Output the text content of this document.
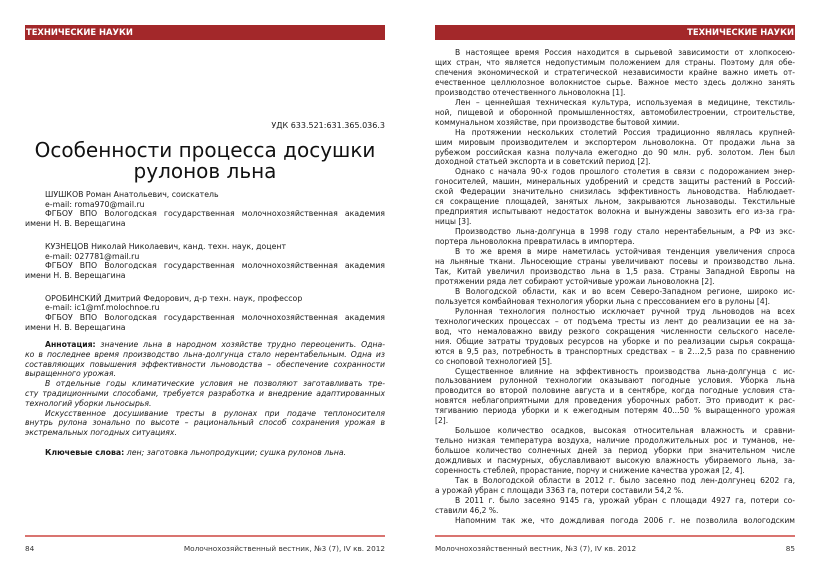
ТЕХНИЧЕСКИЕ НАУКИ
УДК 633.521:631.365.036.3
Особенности процесса досушки
рулонов льна
ШУШКОВ Роман Анатольевич, соискатель
e-mail: roma970@mail.ru
ФГБОУ ВПО Вологодская государственная молочнохозяйственная академия
имени Н. В. Верещагина
КУЗНЕЦОВ Николай Николаевич, канд. техн. наук, доцент
e-mail: 027781@mail.ru
ФГБОУ ВПО Вологодская государственная молочнохозяйственная академия
имени Н. В. Верещагина
ОРОБИНСКИЙ Дмитрий Федорович, д-р техн. наук, профессор
e-mail: ic1@mf.molochnoe.ru
ФГБОУ ВПО Вологодская государственная молочнохозяйственная академия
имени Н. В. Верещагина
Аннотация: значение льна в народном хозяйстве трудно переоценить. Одна-
ко в последнее время производство льна-долгунца стало нерентабельным. Одна из
составляющих повышения эффективности льноводства – обеспечение сохранности
выращенного урожая.
В отдельные годы климатические условия не позволяют заготавливать тре-
сту традиционными способами, требуется разработка и внедрение адаптированных
технологий уборки льносырья.
Искусственное досушивание тресты в рулонах при подаче теплоносителя
внутрь рулона зонально по высоте – рациональный способ сохранения урожая в
экстремальных погодных ситуациях.
Ключевые слова: лен; заготовка льнопродукции; сушка рулонов льна.
84	Молочнохозяйственный вестник, №3 (7), IV кв. 2012
ТЕХНИЧЕСКИЕ НАУКИ
В настоящее время Россия находится в сырьевой зависимости от хлопкосею-
щих стран, что является недопустимым положением для страны. Поэтому для обе-
спечения экономической и стратегической независимости крайне важно иметь от-
ечественное целлюлозное волокнистое сырье. Важное место здесь должно занять
производство отечественного льноволокна [1].
Лен – ценнейшая техническая культура, используемая в медицине, текстиль-
ной, пищевой и оборонной промышленностях, автомобилестроении, строительстве,
коммунальном хозяйстве, при производстве бытовой химии.
На протяжении нескольких столетий Россия традиционно являлась крупней-
шим мировым производителем и экспортером льноволокна. От продажи льна за
рубежом российская казна получала ежегодно до 90 млн. руб. золотом. Лен был
доходной статьей экспорта и в советский период [2].
Однако с начала 90-х годов прошлого столетия в связи с подорожанием энер-
гоносителей, машин, минеральных удобрений и средств защиты растений в Россий-
ской Федерации значительно снизилась эффективность льноводства. Наблюдает-
ся сокращение площадей, занятых льном, закрываются льнозаводы. Текстильные
предприятия испытывают недостаток волокна и вынуждены завозить его из-за гра-
ницы [3].
Производство льна-долгунца в 1998 году стало нерентабельным, а РФ из экс-
портера льноволокна превратилась в импортера.
В то же время в мире наметилась устойчивая тенденция увеличения спроса
на льняные ткани. Льносеющие страны увеличивают посевы и производство льна.
Так, Китай увеличил производство льна в 1,5 раза. Страны Западной Европы на
протяжении ряда лет собирают устойчивые урожаи льноволокна [2].
В Вологодской области, как и во всем Северо-Западном регионе, широко ис-
пользуется комбайновая технология уборки льна с прессованием его в рулоны [4].
Рулонная технология полностью исключает ручной труд льноводов на всех
технологических процессах – от подъема тресты из лент до реализации ее на за-
вод, что немаловажно ввиду резкого сокращения численности сельского населе-
ния. Общие затраты трудовых ресурсов на уборке и по реализации сырья сокраща-
ются в 9,5 раз, потребность в транспортных средствах – в 2…2,5 раза по сравнению
со сноповой технологией [5].
Существенное влияние на эффективность производства льна-долгунца с ис-
пользованием рулонной технологии оказывают погодные условия. Уборка льна
проводится во второй половине августа и в сентябре, когда погодные условия ста-
новятся неблагоприятными для проведения уборочных работ. Это приводит к рас-
тягиванию периода уборки и к ежегодным потерям 40...50 % выращенного урожая
[2].
Большое количество осадков, высокая относительная влажность и сравни-
тельно низкая температура воздуха, наличие продолжительных рос и туманов, не-
большое количество солнечных дней за период уборки при значительном числе
дождливых и пасмурных, обуславливают высокую влажность убираемого льна, за-
соренность стеблей, прорастание, порчу и снижение качества урожая [2, 4].
Так в Вологодской области в 2012 г. было засеяно под лен-долгунец 6202 га,
а урожай убран с площади 3363 га, потери составили 54,2 %.
В 2011 г. было засеяно 9145 га, урожай убран с площади 4927 га, потери со-
ставили 46,2 %.
Напомним так же, что дождливая погода 2006 г. не позволила вологодским
Молочнохозяйственный вестник, №3 (7), IV кв. 2012	85
